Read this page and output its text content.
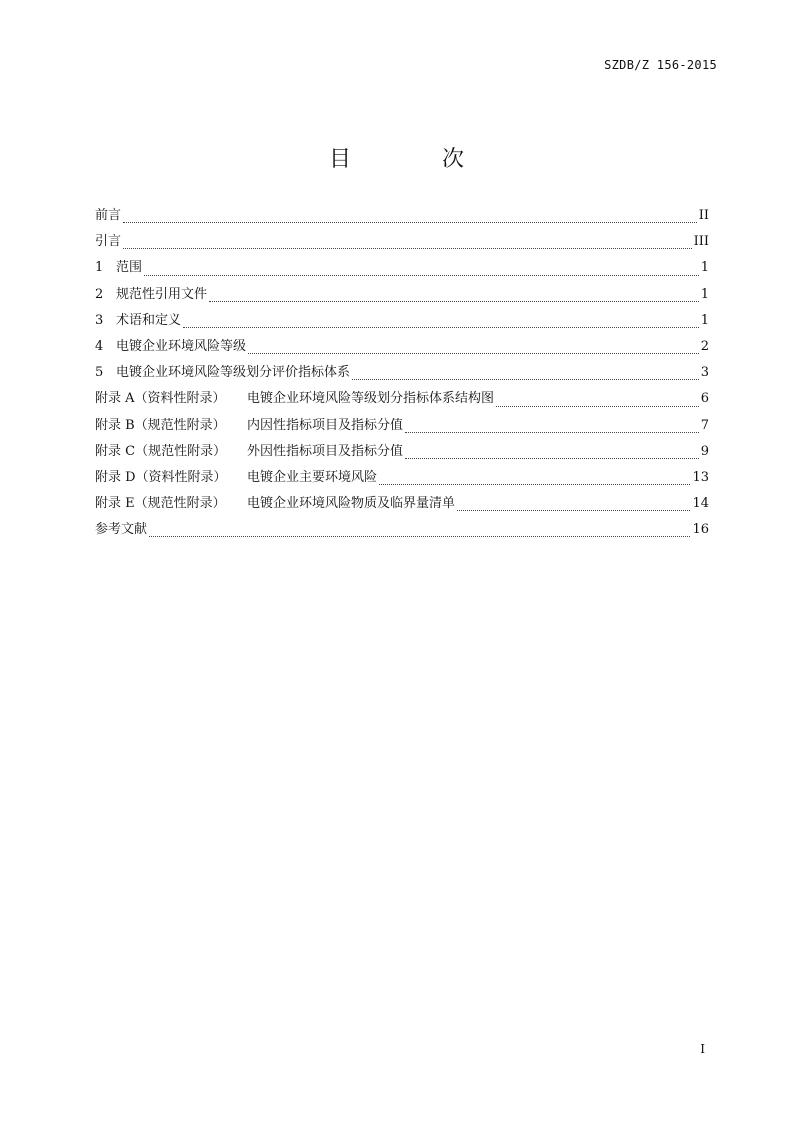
SZDB/Z 156-2015
目 次
前言	II
引言	III
1 范围	1
2 规范性引用文件	1
3 术语和定义	1
4 电镀企业环境风险等级	2
5 电镀企业环境风险等级划分评价指标体系	3
附录 A（资料性附录）	电镀企业环境风险等级划分指标体系结构图	6
附录 B（规范性附录）	内因性指标项目及指标分值	7
附录 C（规范性附录）	外因性指标项目及指标分值	9
附录 D（资料性附录）	电镀企业主要环境风险	13
附录 E（规范性附录）	电镀企业环境风险物质及临界量清单	14
参考文献	16
I
